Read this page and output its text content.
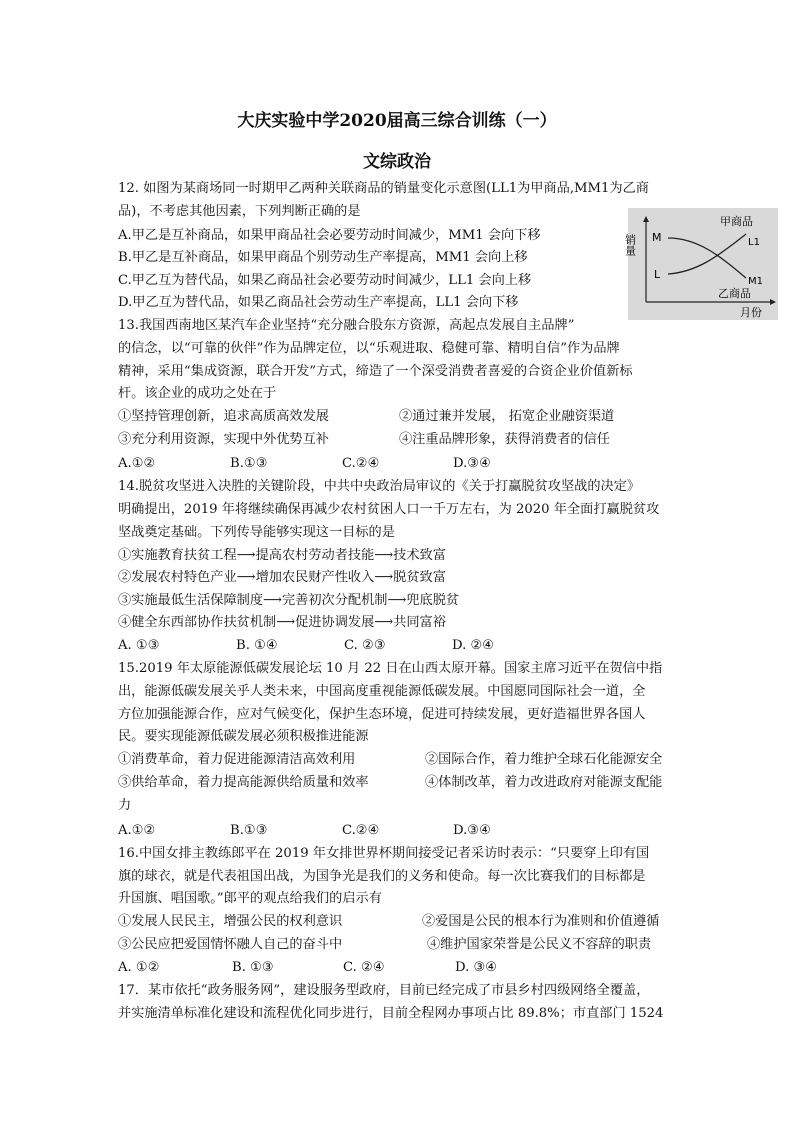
大庆实验中学2020届高三综合训练（一）
文综政治
12. 如图为某商场同一时期甲乙两种关联商品的销量变化示意图(LL1为甲商品,MM1为乙商
品)，不考虑其他因素，下列判断正确的是
A.甲乙是互补商品，如果甲商品社会必要劳动时间减少，MM1 会向下移
B.甲乙是互补商品，如果甲商品个别劳动生产率提高，MM1 会向上移
C.甲乙互为替代品，如果乙商品社会必要劳动时间减少，LL1 会向上移
D.甲乙互为替代品，如果乙商品社会劳动生产率提高，LL1 会向下移
销量 M
L
L1
M1
甲商品
乙商品
月份
13.我国西南地区某汽车企业坚持“充分融合股东方资源，高起点发展自主品牌”
的信念，以“可靠的伙伴”作为品牌定位，以“乐观进取、稳健可靠、精明自信”作为品牌
精神，采用“集成资源，联合开发”方式，缔造了一个深受消费者喜爱的合资企业价值新标
杆。该企业的成功之处在于
①坚持管理创新，追求高质高效发展	②通过兼并发展， 拓宽企业融资渠道
③充分利用资源，实现中外优势互补	④注重品牌形象，获得消费者的信任
A.①②	B.①③	C.②④	D.③④
14.脱贫攻坚进入决胜的关键阶段，中共中央政治局审议的《关于打赢脱贫攻坚战的决定》
明确提出，2019 年将继续确保再减少农村贫困人口一千万左右，为 2020 年全面打赢脱贫攻
坚战奠定基础。下列传导能够实现这一目标的是
①实施教育扶贫工程⟶提高农村劳动者技能⟶技术致富
②发展农村特色产业⟶增加农民财产性收入⟶脱贫致富
③实施最低生活保障制度⟶完善初次分配机制⟶兜底脱贫
④健全东西部协作扶贫机制⟶促进协调发展⟶共同富裕
A. ①③	B. ①④	C. ②③	D. ②④
15.2019 年太原能源低碳发展论坛 10 月 22 日在山西太原开幕。国家主席习近平在贺信中指
出，能源低碳发展关乎人类未来，中国高度重视能源低碳发展。中国愿同国际社会一道，全
方位加强能源合作，应对气候变化，保护生态环境，促进可持续发展，更好造福世界各国人
民。要实现能源低碳发展必须积极推进能源
①消费革命，着力促进能源清洁高效利用	②国际合作，着力维护全球石化能源安全
③供给革命，着力提高能源供给质量和效率	④体制改革，着力改进政府对能源支配能
力
A.①②	B.①③	C.②④	D.③④
16.中国女排主教练郎平在 2019 年女排世界杯期间接受记者采访时表示：“只要穿上印有国
旗的球衣，就是代表祖国出战，为国争光是我们的义务和使命。每一次比赛我们的目标都是
升国旗、唱国歌。”郎平的观点给我们的启示有
①发展人民民主，增强公民的权利意识	②爱国是公民的根本行为准则和价值遵循
③公民应把爱国情怀融人自己的奋斗中	④维护国家荣誉是公民义不容辞的职责
A. ①②	B. ①③	C. ②④	D. ③④
17．某市依托“政务服务网”，建设服务型政府，目前已经完成了市县乡村四级网络全覆盖，
并实施清单标准化建设和流程优化同步进行，目前全程网办事项占比 89.8%；市直部门 1524
